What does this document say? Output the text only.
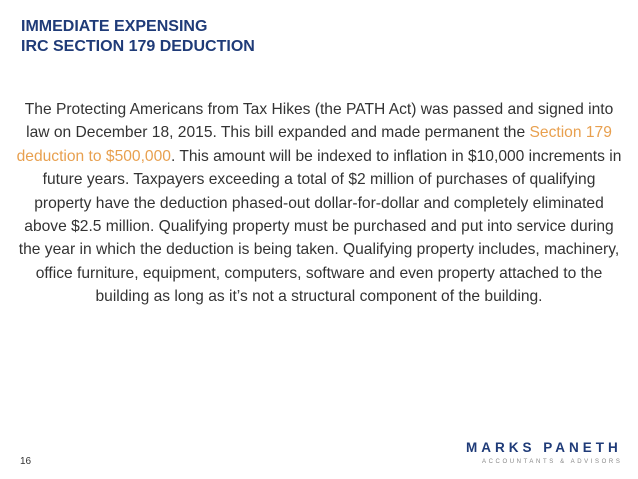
IMMEDIATE EXPENSING
IRC SECTION 179 DEDUCTION
The Protecting Americans from Tax Hikes (the PATH Act) was passed and signed into law on December 18, 2015. This bill expanded and made permanent the Section 179 deduction to $500,000. This amount will be indexed to inflation in $10,000 increments in future years. Taxpayers exceeding a total of $2 million of purchases of qualifying property have the deduction phased-out dollar-for-dollar and completely eliminated above $2.5 million. Qualifying property must be purchased and put into service during the year in which the deduction is being taken. Qualifying property includes, machinery, office furniture, equipment, computers, software and even property attached to the building as long as it’s not a structural component of the building.
16
MARKS PANETH
ACCOUNTANTS & ADVISORS
